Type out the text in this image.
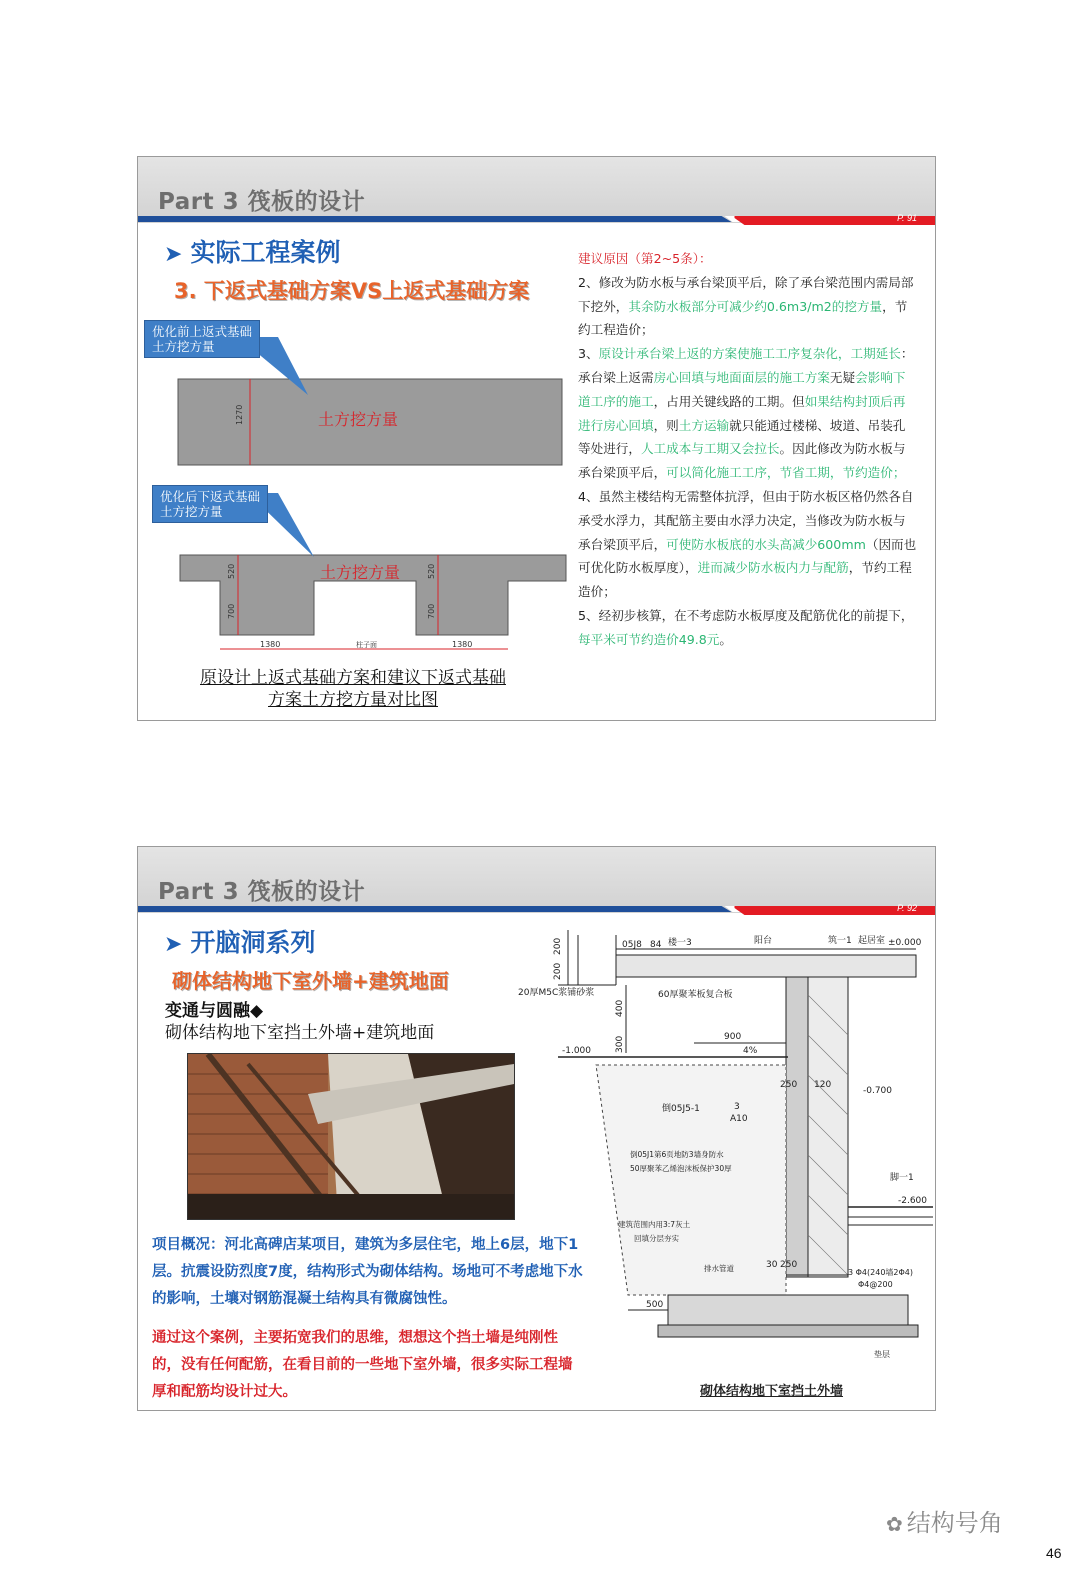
Part 3 筏板的设计
P. 91
➤ 实际工程案例
3. 下返式基础方案VS上返式基础方案
1270	土方挖方量
土方挖方量
520
700
520
700
1380	柱子面	1380
优化前上返式基础土方挖方量
优化后下返式基础土方挖方量
原设计上返式基础方案和建议下返式基础方案土方挖方量对比图
建议原因（第2~5条）：
2、修改为防水板与承台梁顶平后，除了承台梁范围内需局部下挖外，其余防水板部分可减少约0.6m3/m2的挖方量，节约工程造价；
3、原设计承台梁上返的方案使施工工序复杂化，工期延长：承台梁上返需房心回填与地面面层的施工方案无疑会影响下道工序的施工，占用关键线路的工期。但如果结构封顶后再进行房心回填，则土方运输就只能通过楼梯、坡道、吊装孔等处进行，人工成本与工期又会拉长。因此修改为防水板与承台梁顶平后，可以简化施工工序，节省工期，节约造价；
4、虽然主楼结构无需整体抗浮，但由于防水板区格仍然各自承受水浮力，其配筋主要由水浮力决定，当修改为防水板与承台梁顶平后，可使防水板底的水头高减少600mm（因而也可优化防水板厚度），进而减少防水板内力与配筋，节约工程造价；
5、经初步核算，在不考虑防水板厚度及配筋优化的前提下，每平米可节约造价49.8元。
Part 3 筏板的设计
P. 92
➤ 开脑洞系列
砌体结构地下室外墙+建筑地面
变通与圆融◆
砌体结构地下室挡土外墙+建筑地面
项目概况：河北高碑店某项目，建筑为多层住宅，地上6层，地下1层。抗震设防烈度7度，结构形式为砌体结构。场地可不考虑地下水的影响，土壤对钢筋混凝土结构具有微腐蚀性。
通过这个案例，主要拓宽我们的思维，想想这个挡土墙是纯刚性的，没有任何配筋，在看目前的一些地下室外墙，很多实际工程墙厚和配筋均设计过大。
200
200
400
300	900
4%
250 120
30 250
500
±0.000
-0.700
-1.000
-2.600
阳台	筑一1 起居室
楼一3
05J8 84
20厚M5C浆铺砂浆	60厚聚苯板复合板
倒05J5-1	3
A10
倒05J1第6页地防3墙身防水
50厚聚苯乙烯泡沫板保护30厚
建筑范围内用3:7灰土
回填分层夯实
排水管道	3 Φ4(240墙2Φ4)
Φ4@200
垫层
脚一1
砌体结构地下室挡土外墙
✿ 结构号角
46
